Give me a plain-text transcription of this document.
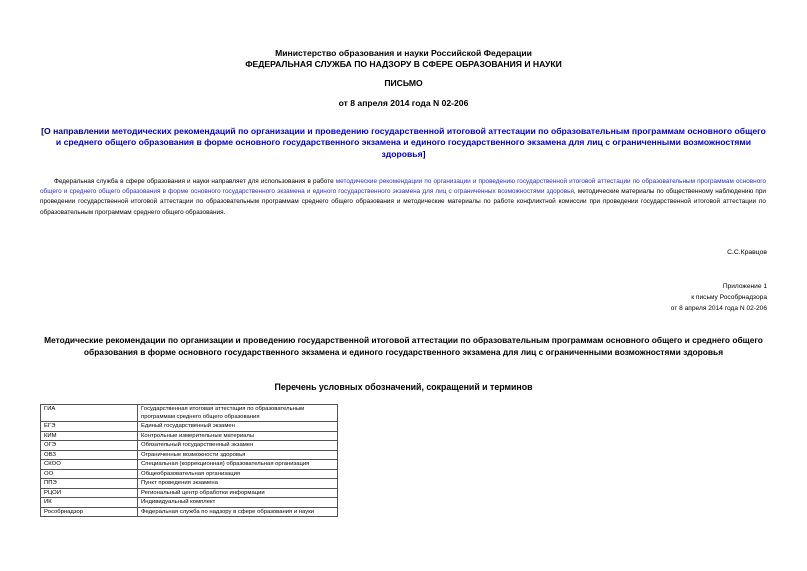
Министерство образования и науки Российской Федерации
ФЕДЕРАЛЬНАЯ СЛУЖБА ПО НАДЗОРУ В СФЕРЕ ОБРАЗОВАНИЯ И НАУКИ
ПИСЬМО
от 8 апреля 2014 года N 02-206
[О направлении методических рекомендаций по организации и проведению государственной итоговой аттестации по образовательным программам основного общего и среднего общего образования в форме основного государственного экзамена и единого государственного экзамена для лиц с ограниченными возможностями здоровья]
Федеральная служба в сфере образования и науки направляет для использования в работе методические рекомендации по организации и проведению государственной итоговой аттестации по образовательным программам основного общего и среднего общего образования в форме основного государственного экзамена и единого государственного экзамена для лиц с ограниченных возможностями здоровья, методические материалы по общественному наблюдению при проведении государственной итоговой аттестации по образовательным программам среднего общего образования и методические материалы по работе конфликтной комиссии при проведении государственной итоговой аттестации по образовательным программам среднего общего образования.
С.С.Кравцов
Приложение 1
к письму Рособрнадзора
от 8 апреля 2014 года N 02-206
Методические рекомендации по организации и проведению государственной итоговой аттестации по образовательным программам основного общего и среднего общего образования в форме основного государственного экзамена и единого государственного экзамена для лиц с ограниченными возможностями здоровья
Перечень условных обозначений, сокращений и терминов
ГИА	Государственная итоговая аттестация по образовательным программам среднего общего образования
ЕГЭ	Единый государственный экзамен
КИМ	Контрольные измерительные материалы
ОГЭ	Обязательный государственный экзамен
ОВЗ	Ограниченные возможности здоровья
СКОО	Специальная (коррекционная) образовательная организация
ОО	Общеобразовательная организация
ППЭ	Пункт проведения экзамена
РЦОИ	Региональный центр обработки информации
ИК	Индивидуальный комплект
Рособрнадзор	Федеральная служба по надзору в сфере образования и науки
